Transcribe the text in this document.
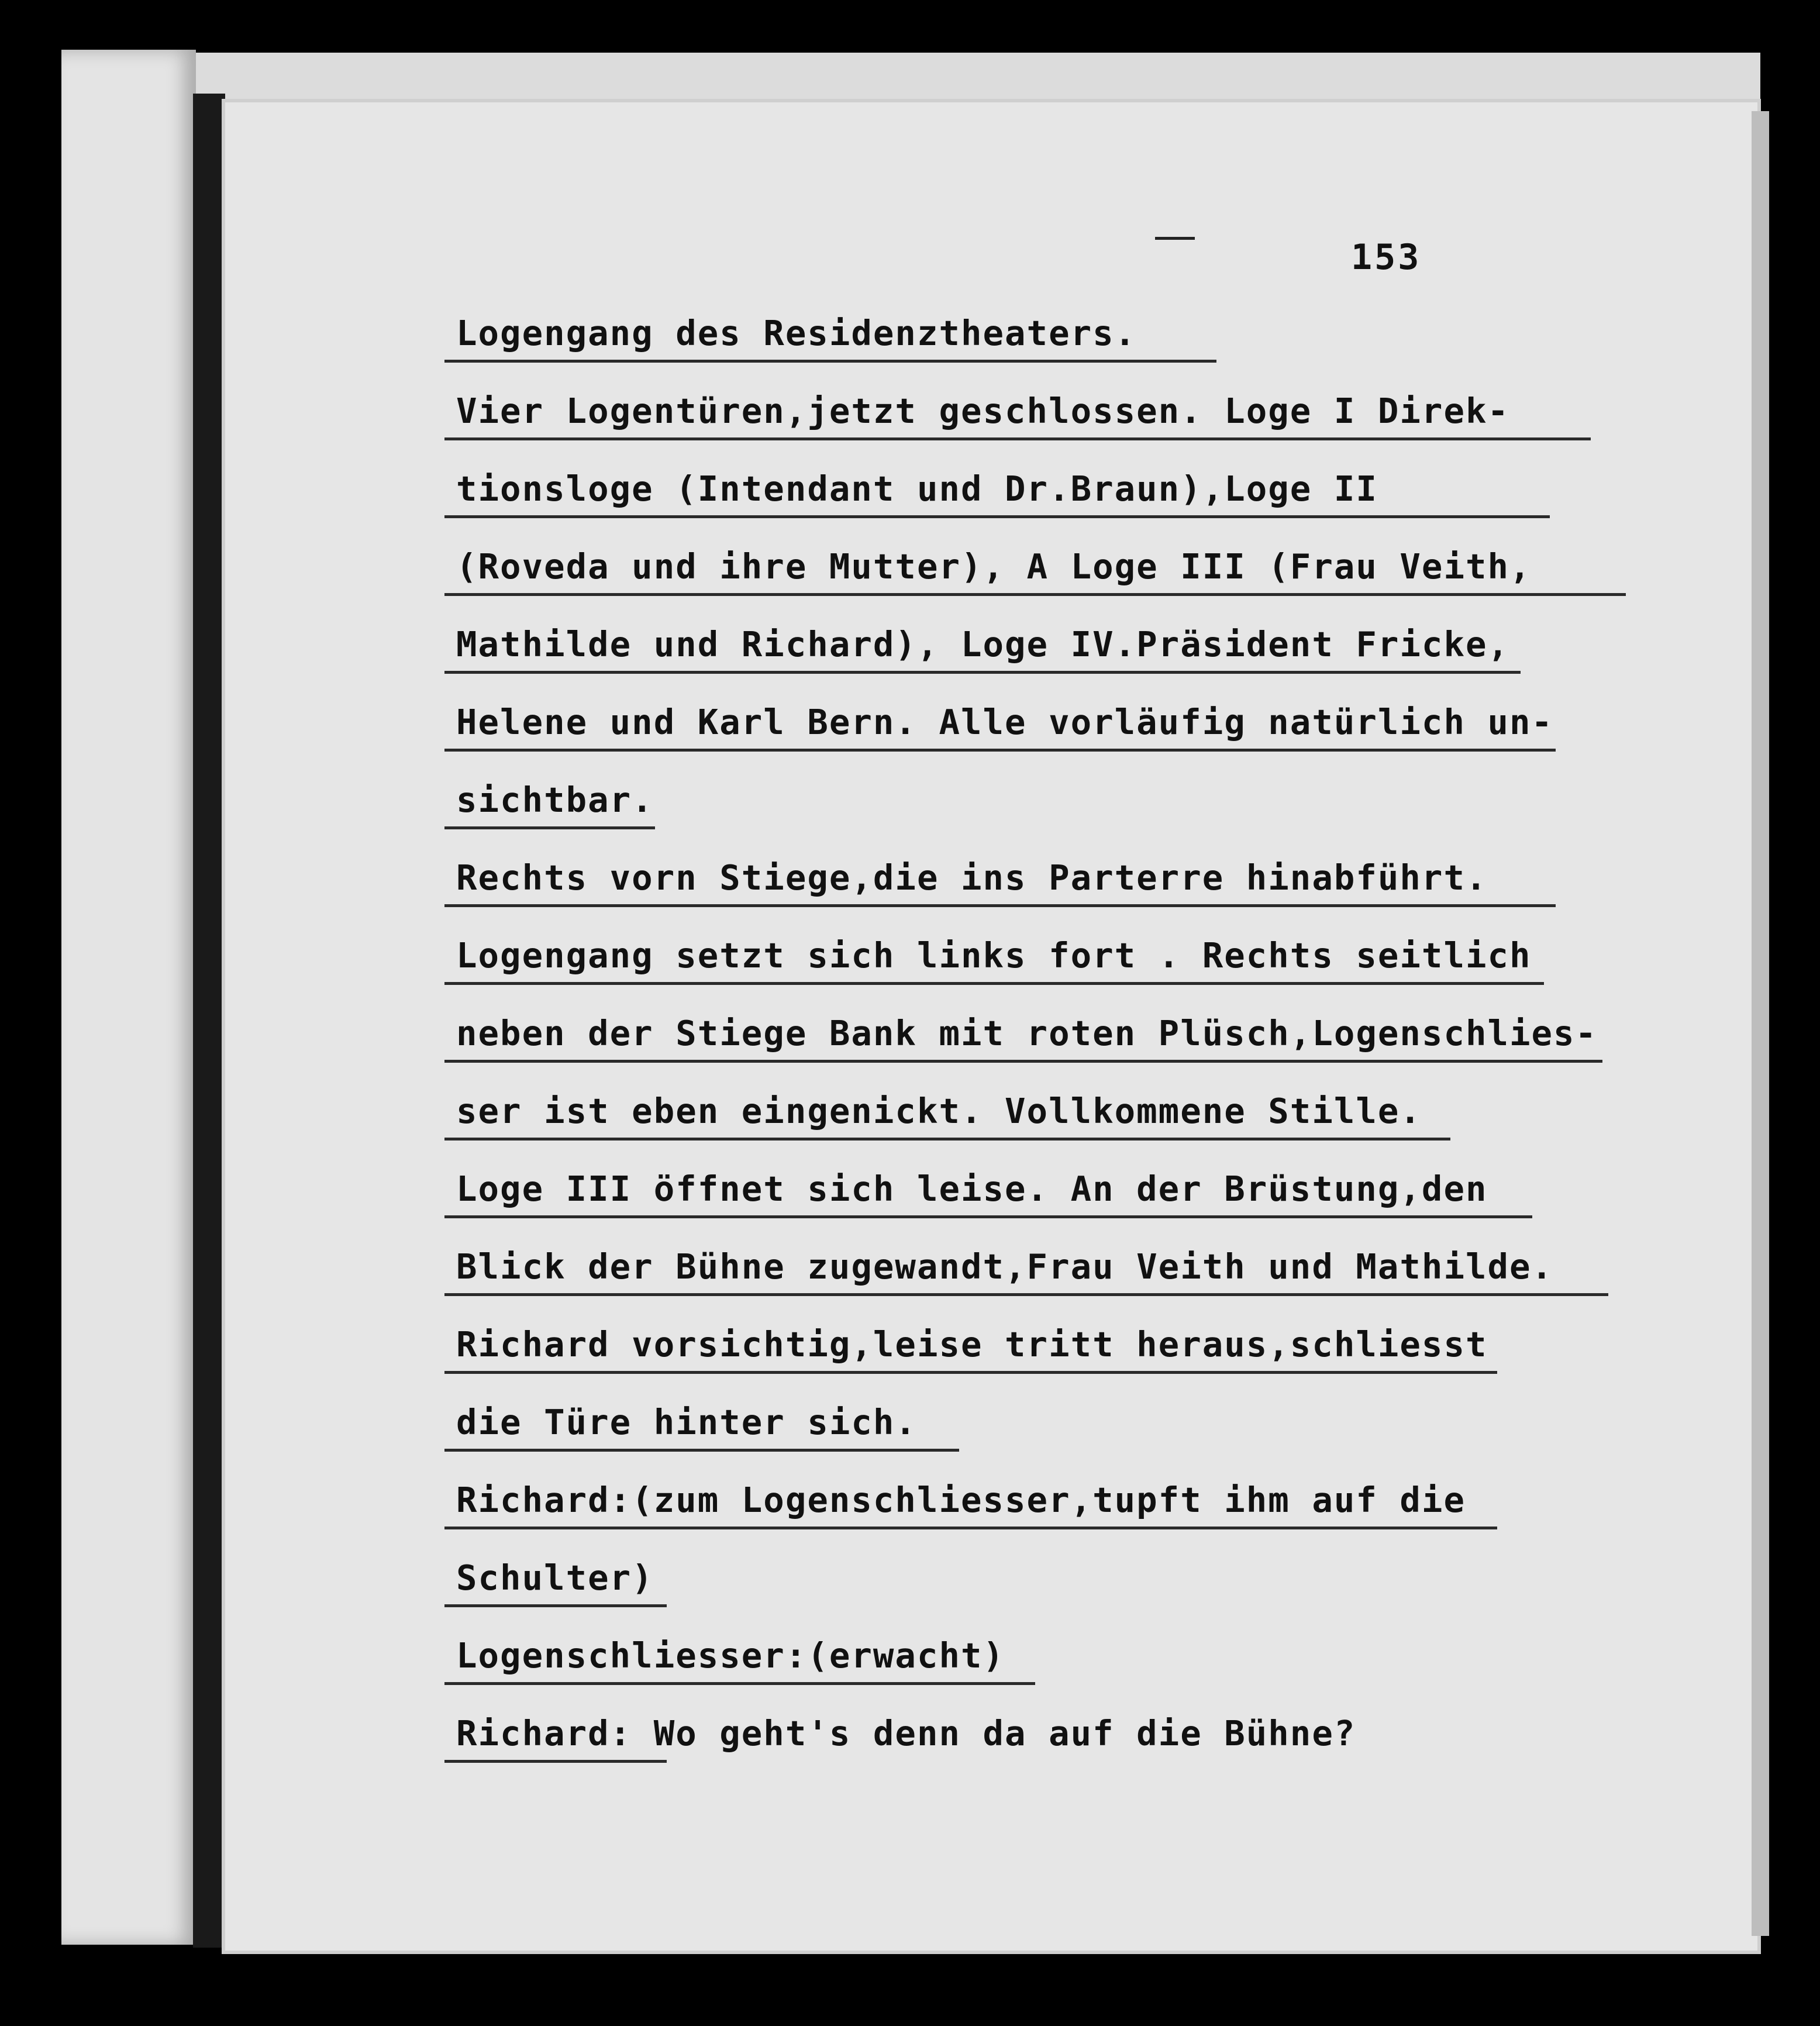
153
Logengang des Residenztheaters.
Vier Logentüren,jetzt geschlossen. Loge I Direk-
tionsloge (Intendant und Dr.Braun),Loge II
(Roveda und ihre Mutter), A Loge III (Frau Veith,
Mathilde und Richard), Loge IV.Präsident Fricke,
Helene und Karl Bern. Alle vorläufig natürlich un-
sichtbar.
Rechts vorn Stiege,die ins Parterre hinabführt.
Logengang setzt sich links fort . Rechts seitlich
neben der Stiege Bank mit roten Plüsch,Logenschlies-
ser ist eben eingenickt. Vollkommene Stille.
Loge III öffnet sich leise. An der Brüstung,den
Blick der Bühne zugewandt,Frau Veith und Mathilde.
Richard vorsichtig,leise tritt heraus,schliesst
die Türe hinter sich.
Richard:(zum Logenschliesser,tupft ihm auf die
Schulter)
Logenschliesser:(erwacht)
Richard: Wo geht's denn da auf die Bühne?
